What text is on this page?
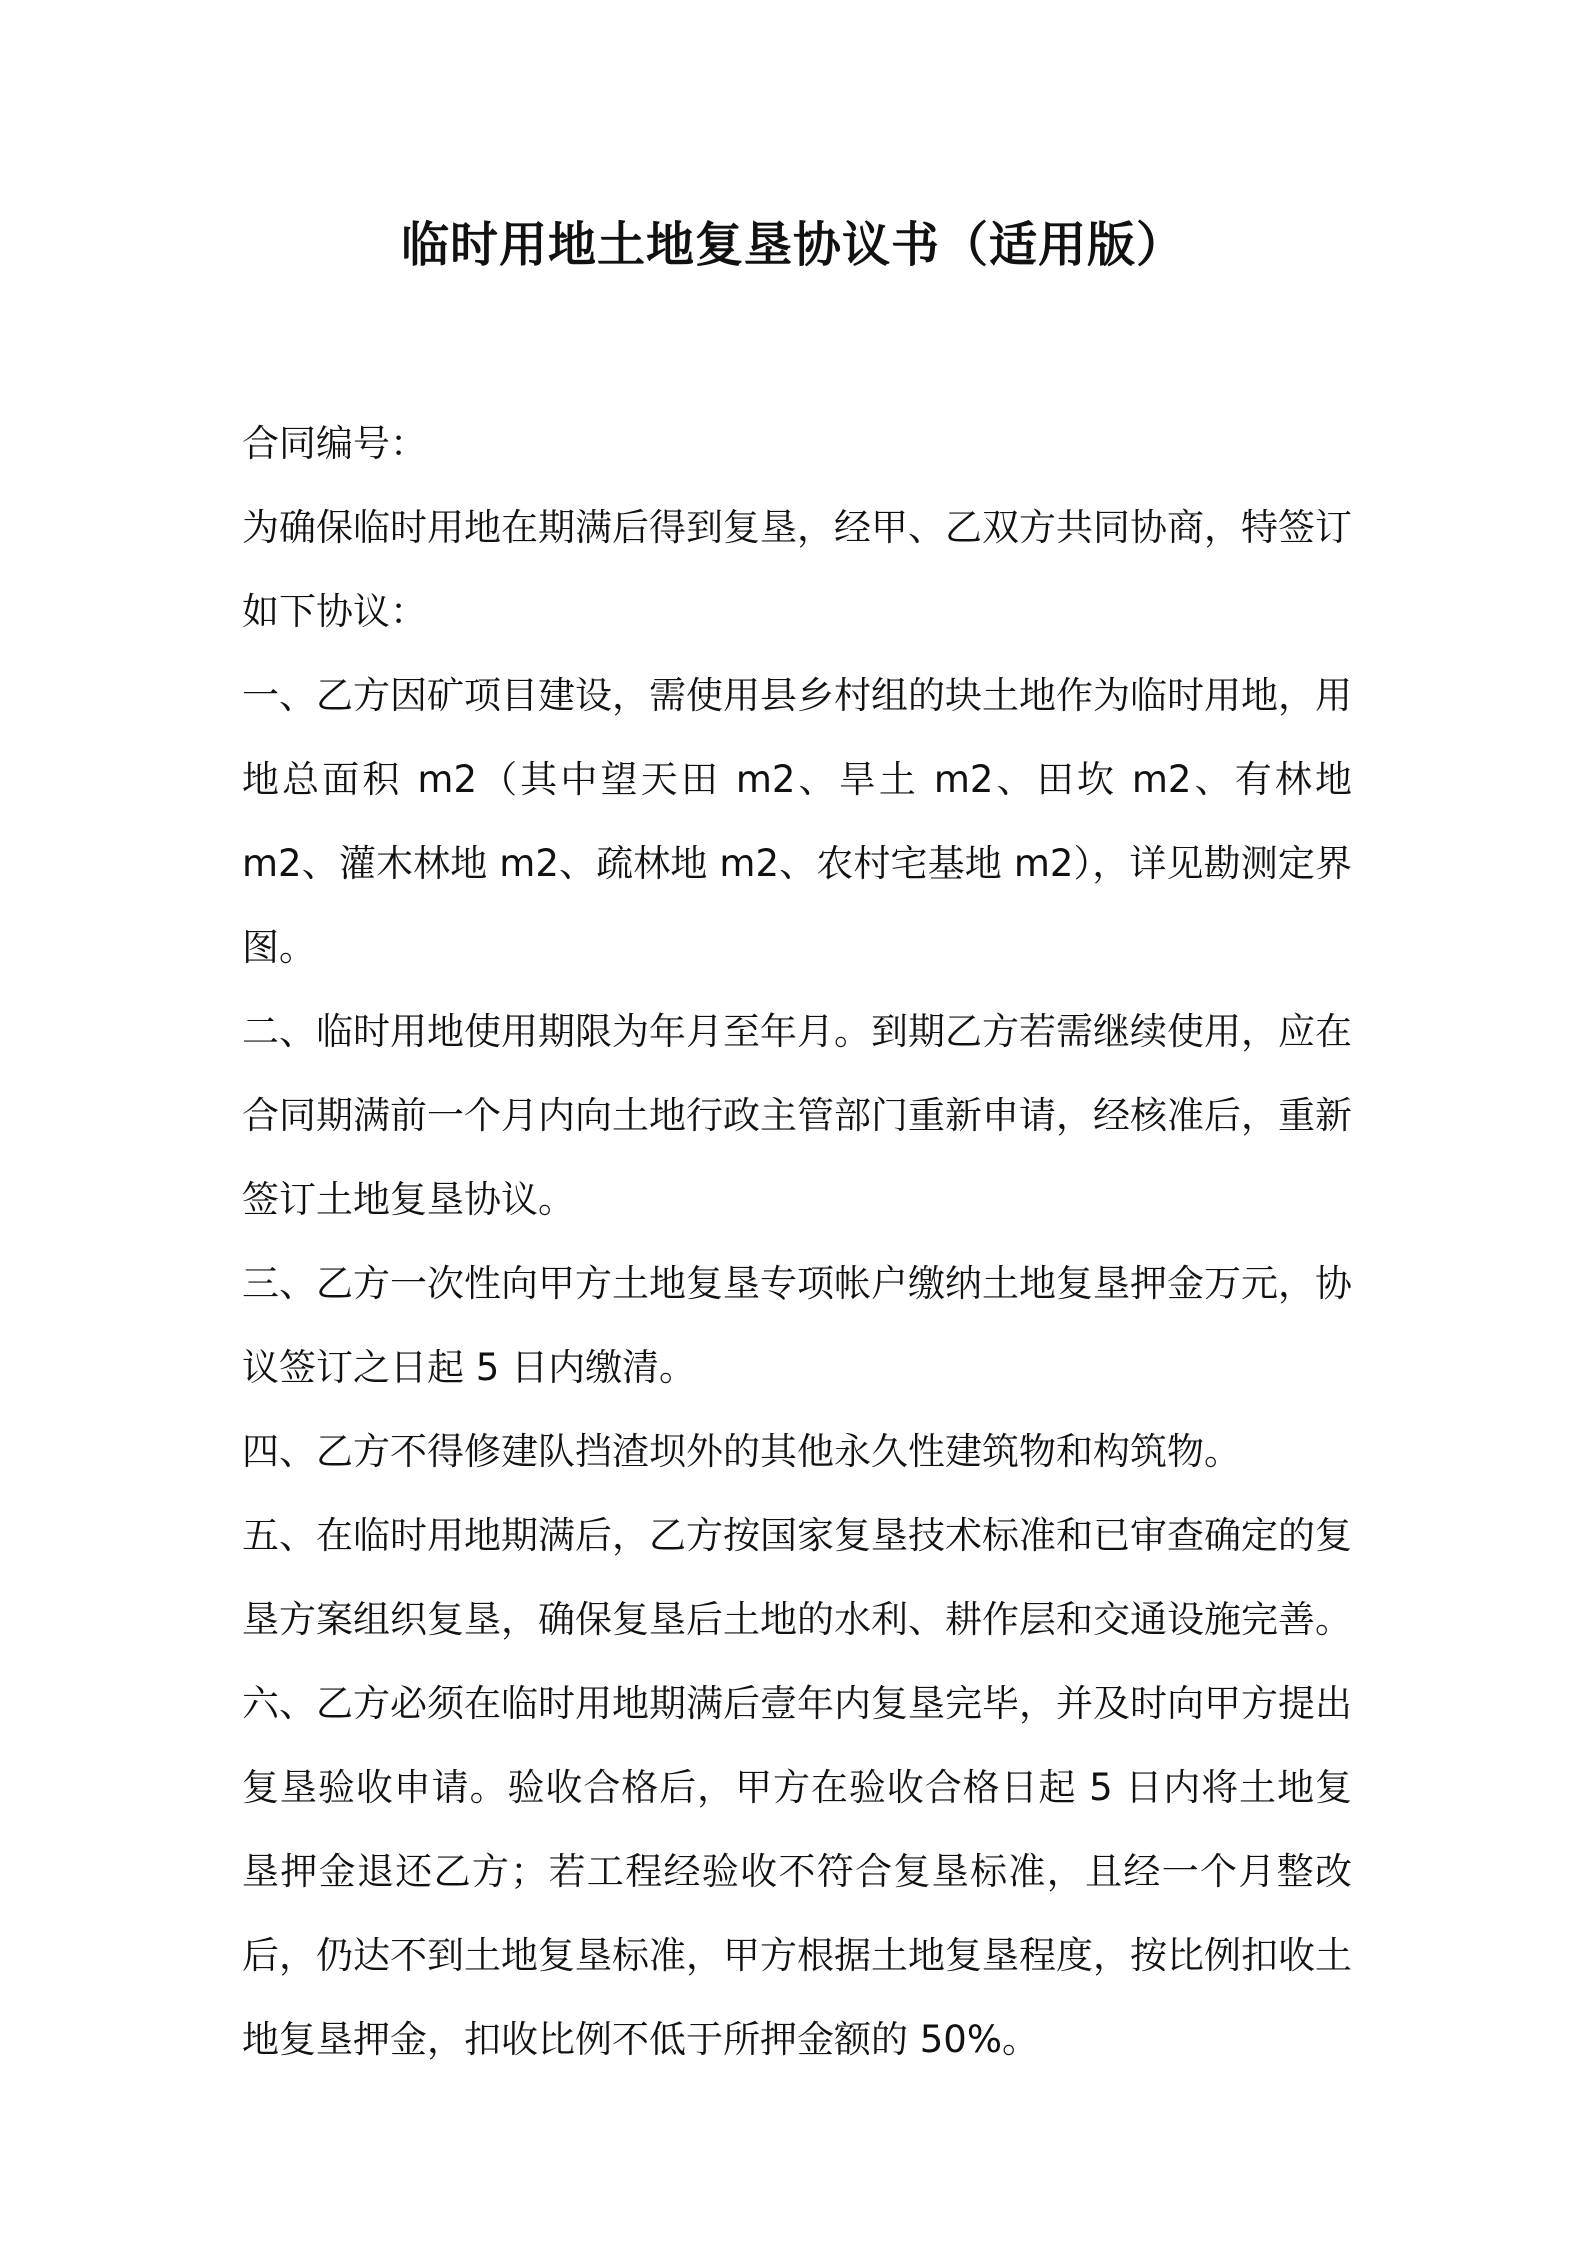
临时用地土地复垦协议书（适用版）

合同编号：

为确保临时用地在期满后得到复垦，经甲、乙双方共同协商，特签订如下协议：

一、乙方因矿项目建设，需使用县乡村组的块土地作为临时用地，用地总面积 m2（其中望天田 m2、旱土 m2、田坎 m2、有林地 m2、灌木林地 m2、疏林地 m2、农村宅基地 m2），详见勘测定界图。

二、临时用地使用期限为年月至年月。到期乙方若需继续使用，应在合同期满前一个月内向土地行政主管部门重新申请，经核准后，重新签订土地复垦协议。

三、乙方一次性向甲方土地复垦专项帐户缴纳土地复垦押金万元，协议签订之日起 5 日内缴清。

四、乙方不得修建队挡渣坝外的其他永久性建筑物和构筑物。

五、在临时用地期满后，乙方按国家复垦技术标准和已审查确定的复垦方案组织复垦，确保复垦后土地的水利、耕作层和交通设施完善。

六、乙方必须在临时用地期满后壹年内复垦完毕，并及时向甲方提出复垦验收申请。验收合格后，甲方在验收合格日起 5 日内将土地复垦押金退还乙方；若工程经验收不符合复垦标准，且经一个月整改后，仍达不到土地复垦标准，甲方根据土地复垦程度，按比例扣收土地复垦押金，扣收比例不低于所押金额的 50%。
